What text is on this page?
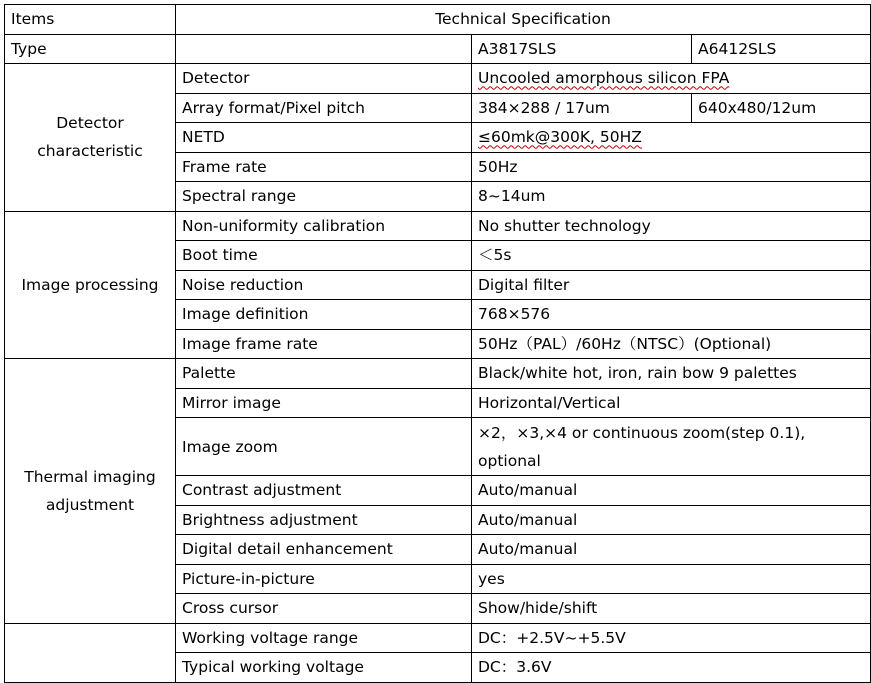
Items	Technical Specification		
Type		A3817SLS	A6412SLS
Detector characteristic	Detector	Uncooled amorphous silicon FPA	
	Array format/Pixel pitch	384×288 / 17um	640x480/12um
	NETD	≤60mk@300K, 50HZ	
	Frame rate	50Hz	
	Spectral range	8~14um	
Image processing	Non-uniformity calibration	No shutter technology	
	Boot time	＜5s	
	Noise reduction	Digital filter	
	Image definition	768×576	
	Image frame rate	50Hz（PAL）/60Hz（NTSC）(Optional)	
Thermal imaging adjustment	Palette	Black/white hot, iron, rain bow 9 palettes	
	Mirror image	Horizontal/Vertical	
	Image zoom	×2，×3,×4 or continuous zoom(step 0.1), optional	
	Contrast adjustment	Auto/manual	
	Brightness adjustment	Auto/manual	
	Digital detail enhancement	Auto/manual	
	Picture-in-picture	yes	
	Cross cursor	Show/hide/shift	
	Working voltage range	DC：+2.5V~+5.5V	
	Typical working voltage	DC：3.6V	
